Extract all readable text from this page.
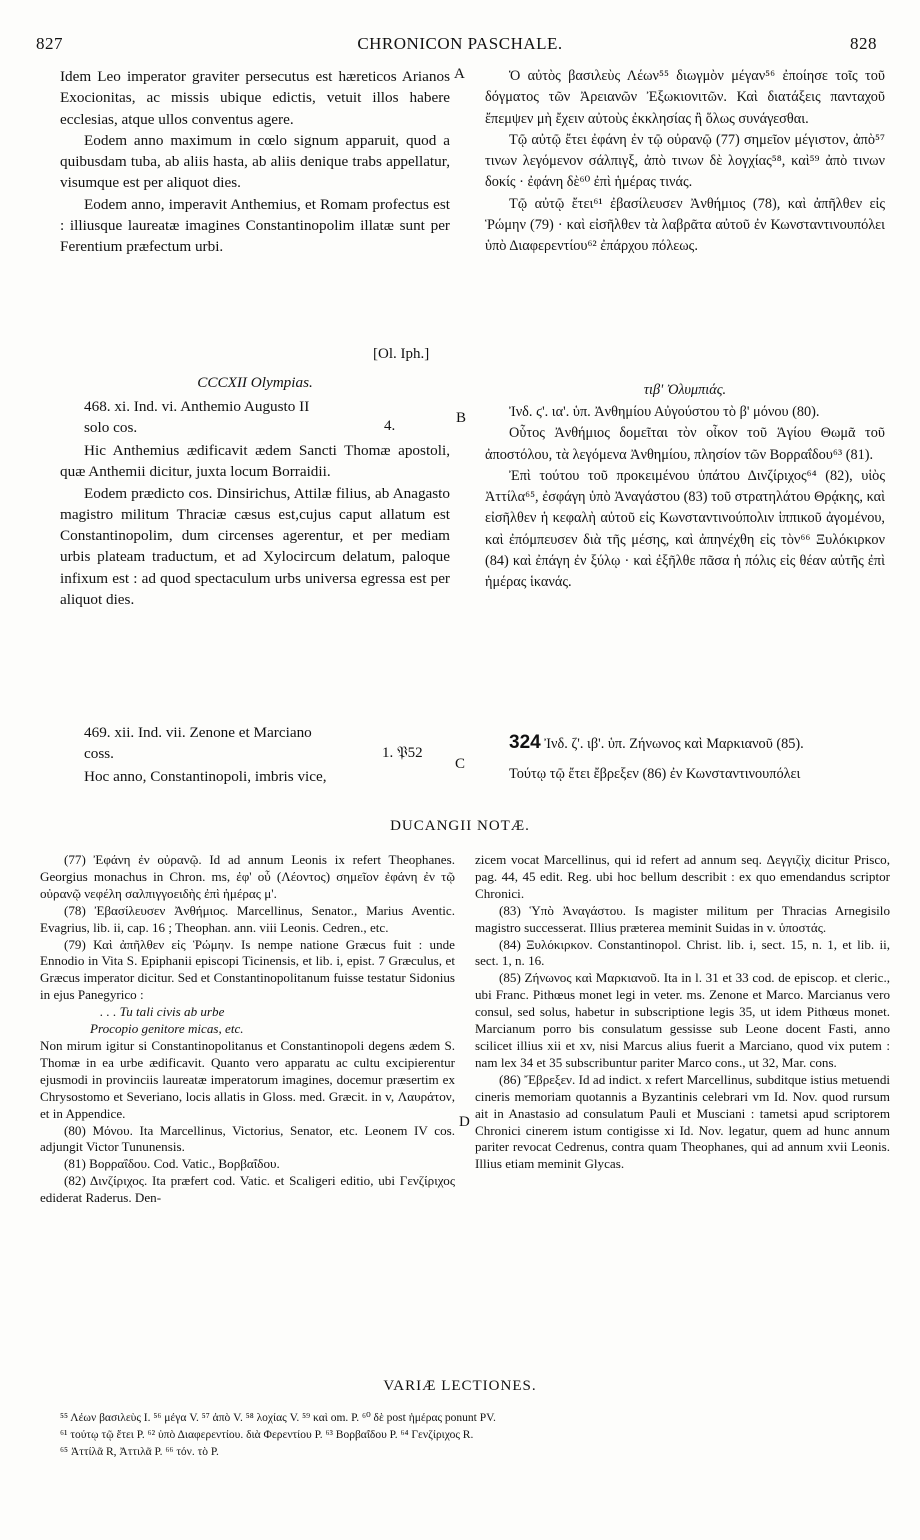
827	CHRONICON PASCHALE.	828

Idem Leo imperator graviter persecutus est hæreticos Arianos Exocionitas, ac missis ubique edictis, vetuit illos habere ecclesias, atque ullos conventus agere.

Eodem anno maximum in cœlo signum apparuit, quod a quibusdam tuba, ab aliis hasta, ab aliis denique trabs appellatur, visumque est per aliquot dies.

Eodem anno, imperavit Anthemius, et Romam profectus est : illiusque laureatæ imagines Constantinopolim illatæ sunt per Ferentium præfectum urbi.

[Ol. Iph.]
CCCXII Olympias.

468. xi. Ind. vi. Anthemio Augusto II

solo cos.	4.

Hic Anthemius ædificavit ædem Sancti Thomæ apostoli, quæ Anthemii dicitur, juxta locum Borraidii.

Eodem prædicto cos. Dinsirichus, Attilæ filius, ab Anagasto magistro militum Thraciæ cæsus est,cujus caput allatum est Constantinopolim, dum circenses agerentur, et per mediam urbis plateam traductum, et ad Xylocircum delatum, paloque infixum est : ad quod spectaculum urbs universa egressa est per aliquot dies.

469. xii. Ind. vii. Zenone et Marciano

coss.	1. 𝔓52

Hoc anno, Constantinopoli, imbris vice,

A
B
C
D

Ὁ αὐτὸς βασιλεὺς Λέων⁵⁵ διωγμὸν μέγαν⁵⁶ ἐποίησε τοῖς τοῦ δόγματος τῶν Ἀρειανῶν Ἐξωκιονιτῶν. Καὶ διατάξεις πανταχοῦ ἔπεμψεν μὴ ἔχειν αὐτοὺς ἐκκλησίας ἢ ὅλως συνάγεσθαι.

Τῷ αὐτῷ ἔτει ἐφάνη ἐν τῷ οὐρανῷ (77) σημεῖον μέγιστον, ἀπὸ⁵⁷ τινων λεγόμενον σάλπιγξ, ἀπὸ τινων δὲ λογχίας⁵⁸, καὶ⁵⁹ ἀπὸ τινων δοκίς · ἐφάνη δὲ⁶⁰ ἐπὶ ἡμέρας τινάς.

Τῷ αὐτῷ ἔτει⁶¹ ἐβασίλευσεν Ἀνθήμιος (78), καὶ ἀπῆλθεν εἰς Ῥώμην (79) · καὶ εἰσῆλθεν τὰ λαβρᾶτα αὐτοῦ ἐν Κωνσταντινουπόλει ὑπὸ Διαφερεντίου⁶² ἐπάρχου πόλεως.

τιβ' Ὀλυμπιάς.

Ἰνδ. ϛ'. ια'. ὑπ. Ἀνθημίου Αὐγούστου τὸ β' μόνου (80).

Οὗτος Ἀνθήμιος δομεῖται τὸν οἶκον τοῦ Ἁγίου Θωμᾶ τοῦ ἀποστόλου, τὰ λεγόμενα Ἀνθημίου, πλησίον τῶν Βορραΐδου⁶³ (81).

Ἐπὶ τούτου τοῦ προκειμένου ὑπάτου Δινζίριχος⁶⁴ (82), υἱὸς Ἀττίλα⁶⁵, ἐσφάγη ὑπὸ Ἀναγάστου (83) τοῦ στρατηλάτου Θρᾴκης, καὶ εἰσῆλθεν ἡ κεφαλὴ αὐτοῦ εἰς Κωνσταντινούπολιν ἱππικοῦ ἀγομένου, καὶ ἐπόμπευσεν διὰ τῆς μέσης, καὶ ἀπηνέχθη εἰς τὸν⁶⁶ Ξυλόκιρκον (84) καὶ ἐπάγη ἐν ξύλῳ · καὶ ἐξῆλθε πᾶσα ἡ πόλις εἰς θέαν αὐτῆς ἐπὶ ἡμέρας ἱκανάς.

324 Ἰνδ. ζ'. ιβ'. ὑπ. Ζήνωνος καὶ Μαρκιανοῦ (85).

Τούτῳ τῷ ἔτει ἔβρεξεν (86) ἐν Κωνσταντινουπόλει

DUCANGII NOTÆ.

(77) Ἐφάνη ἐν οὐρανῷ. Id ad annum Leonis ix refert Theophanes. Georgius monachus in Chron. ms, ἐφ' οὗ (Λέοντος) σημεῖον ἐφάνη ἐν τῷ οὐρανῷ νεφέλη σαλπιγγοειδὴς ἐπὶ ἡμέρας μ'.

(78) Ἐβασίλευσεν Ἀνθήμιος. Marcellinus, Senator., Marius Aventic. Evagrius, lib. ii, cap. 16 ; Theophan. ann. viii Leonis. Cedren., etc.

(79) Καὶ ἀπῆλθεν εἰς Ῥώμην. Is nempe natione Græcus fuit : unde Ennodio in Vita S. Epiphanii episcopi Ticinensis, et lib. i, epist. 7 Græculus, et Græcus imperator dicitur. Sed et Constantinopolitanum fuisse testatur Sidonius in ejus Panegyrico :

. . . Tu tali civis ab urbe

Procopio genitore micas, etc.

Non mirum igitur si Constantinopolitanus et Constantinopoli degens ædem S. Thomæ in ea urbe ædificavit. Quanto vero apparatu ac cultu excipierentur ejusmodi in provinciis laureatæ imperatorum imagines, docemur præsertim ex Chrysostomo et Severiano, locis allatis in Gloss. med. Græcit. in v, Λαυράτον, et in Appendice.

(80) Μόνου. Ita Marcellinus, Victorius, Senator, etc. Leonem IV cos. adjungit Victor Tununensis.

(81) Βορραΐδου. Cod. Vatic., Βορβαΐδου.

(82) Δινζίριχος. Ita præfert cod. Vatic. et Scaligeri editio, ubi Γενζίριχος ediderat Raderus. Den-

zicem vocat Marcellinus, qui id refert ad annum seq. Δεγγιζὶχ dicitur Prisco, pag. 44, 45 edit. Reg. ubi hoc bellum describit : ex quo emendandus scriptor Chronici.

(83) Ὑπὸ Ἀναγάστου. Is magister militum per Thracias Arnegisilo magistro successerat. Illius præterea meminit Suidas in v. ὑποστάς.

(84) Ξυλόκιρκον. Constantinopol. Christ. lib. i, sect. 15, n. 1, et lib. ii, sect. 1, n. 16.

(85) Ζήνωνος καὶ Μαρκιανοῦ. Ita in l. 31 et 33 cod. de episcop. et cleric., ubi Franc. Pithœus monet legi in veter. ms. Zenone et Marco. Marcianus vero consul, sed solus, habetur in subscriptione legis 35, ut idem Pithœus monet. Marcianum porro bis consulatum gessisse sub Leone docent Fasti, anno scilicet illius xii et xv, nisi Marcus alius fuerit a Marciano, quod vix putem : nam lex 34 et 35 subscribuntur pariter Marco cons., ut 32, Mar. cons.

(86) Ἔβρεξεν. Id ad indict. x refert Marcellinus, subditque istius metuendi cineris memoriam quotannis a Byzantinis celebrari vm Id. Nov. quod rursum ait in Anastasio ad consulatum Pauli et Musciani : tametsi apud scriptorem Chronici cinerem istum contigisse xi Id. Nov. legatur, quem ad hunc annum pariter revocat Cedrenus, contra quam Theophanes, qui ad annum xvii Leonis. Illius etiam meminit Glycas.

VARIÆ LECTIONES.
⁵⁵ Λέων βασιλεὺς I. ⁵⁶ μέγα V. ⁵⁷ ἀπὸ V. ⁵⁸ λοχίας V. ⁵⁹ καὶ om. P. ⁶⁰ δὲ post ἡμέρας ponunt PV.
⁶¹ τούτῳ τῷ ἔτει P. ⁶² ὑπὸ Διαφερεντίου. διὰ Φερεντίου P. ⁶³ Βορβαΐδου P. ⁶⁴ Γενζίριχος R.
⁶⁵ Ἀττίλᾶ R, Ἀττιλᾶ P. ⁶⁶ τόν. τὸ P.
